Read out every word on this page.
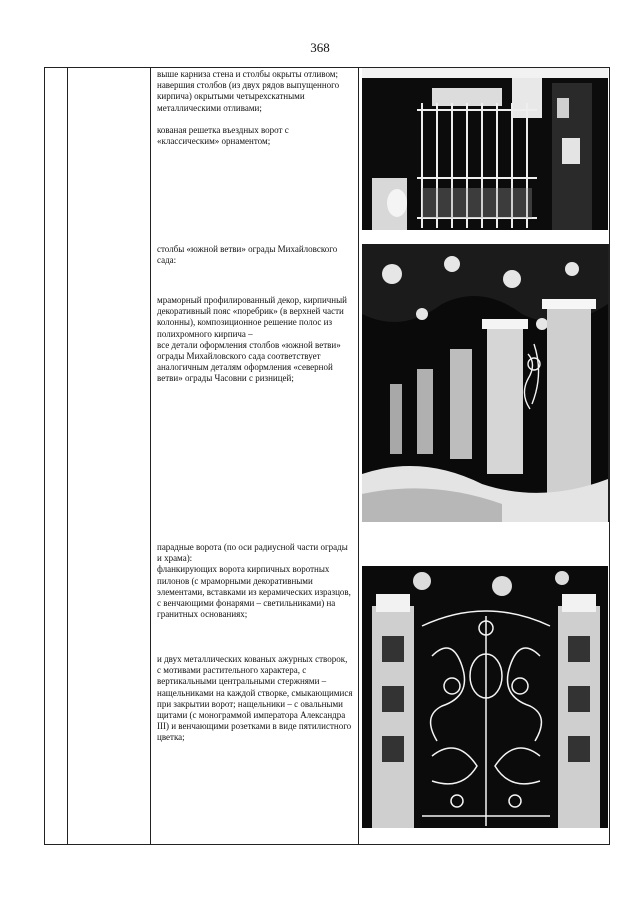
368

выше карниза стена и столбы окрыты отливом;

навершия столбов (из двух рядов выпущенного кирпича) окрытыми четырехскатными металлическими отливами;

кованая решетка въездных ворот с «классическим» орнаментом;

столбы «южной ветви» ограды Михайловского сада:

мраморный профилированный декор, кирпичный декоративный пояс «поребрик» (в верхней части колонны), композиционное решение полос из полихромного кирпича –

все детали оформления столбов «южной ветви» ограды Михайловского сада соответствует аналогичным деталям оформления «северной ветви» ограды Часовни с ризницей;

парадные ворота (по оси радиусной части ограды и храма):

фланкирующих ворота кирпичных воротных пилонов (с мраморными декоративными элементами, вставками из керамических изразцов, с венчающими фонарями – светильниками) на гранитных основаниях;

и двух металлических кованых ажурных створок, с мотивами растительного характера, с вертикальными центральными стержнями – нащельниками на каждой створке, смыкающимися при закрытии ворот; нащельники – с овальными щитами (с монограммой императора Александра III) и венчающими розетками в виде пятилистного цветка;
